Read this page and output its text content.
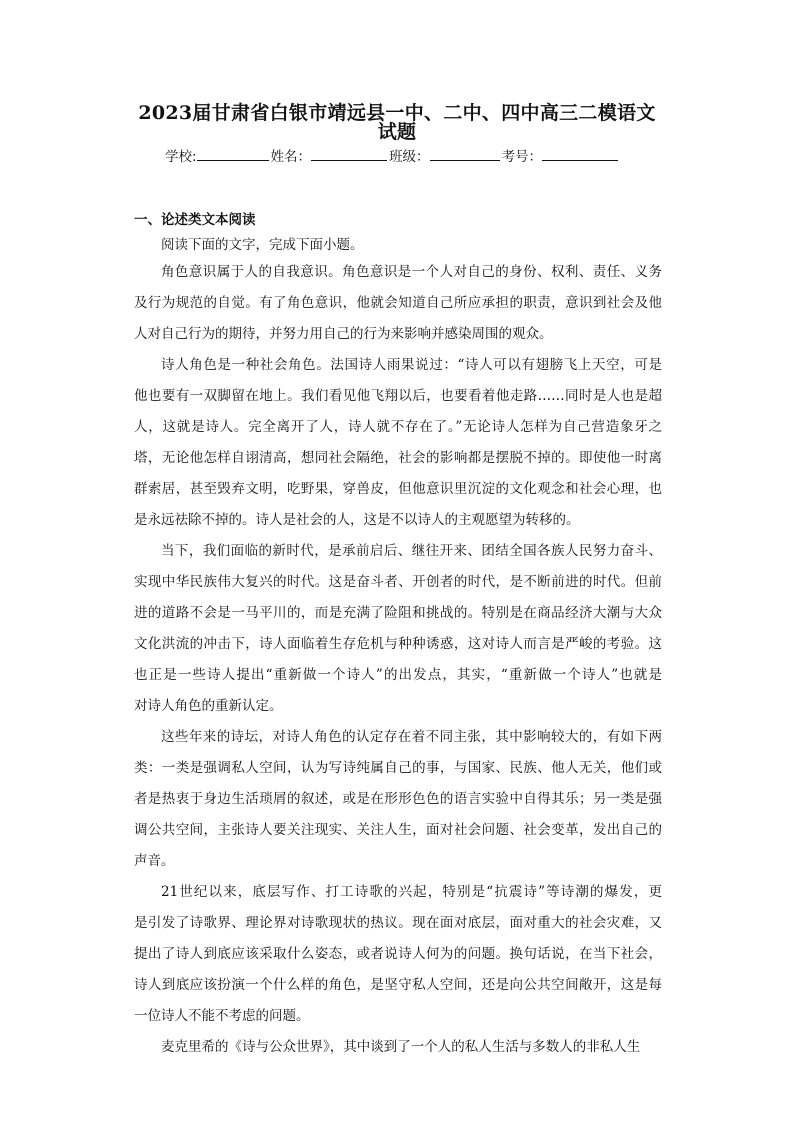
2023届甘肃省白银市靖远县一中、二中、四中高三二模语文
试题
学校:	姓名：	班级：	考号：
一、论述类文本阅读
阅读下面的文字，完成下面小题。
角色意识属于人的自我意识。角色意识是一个人对自己的身份、权利、责任、义务
及行为规范的自觉。有了角色意识，他就会知道自己所应承担的职责，意识到社会及他
人对自己行为的期待，并努力用自己的行为来影响并感染周围的观众。
诗人角色是一种社会角色。法国诗人雨果说过：“诗人可以有翅膀飞上天空，可是
他也要有一双脚留在地上。我们看见他飞翔以后，也要看着他走路……同时是人也是超
人，这就是诗人。完全离开了人，诗人就不存在了。”无论诗人怎样为自己营造象牙之
塔，无论他怎样自诩清高，想同社会隔绝，社会的影响都是摆脱不掉的。即使他一时离
群索居，甚至毁弃文明，吃野果，穿兽皮，但他意识里沉淀的文化观念和社会心理，也
是永远祛除不掉的。诗人是社会的人，这是不以诗人的主观愿望为转移的。
当下，我们面临的新时代，是承前启后、继往开来、团结全国各族人民努力奋斗、
实现中华民族伟大复兴的时代。这是奋斗者、开创者的时代，是不断前进的时代。但前
进的道路不会是一马平川的，而是充满了险阻和挑战的。特别是在商品经济大潮与大众
文化洪流的冲击下，诗人面临着生存危机与种种诱惑，这对诗人而言是严峻的考验。这
也正是一些诗人提出“重新做一个诗人”的出发点，其实，“重新做一个诗人”也就是
对诗人角色的重新认定。
这些年来的诗坛，对诗人角色的认定存在着不同主张，其中影响较大的，有如下两
类：一类是强调私人空间，认为写诗纯属自己的事，与国家、民族、他人无关，他们或
者是热衷于身边生活琐屑的叙述，或是在形形色色的语言实验中自得其乐；另一类是强
调公共空间，主张诗人要关注现实、关注人生，面对社会问题、社会变革，发出自己的
声音。
21世纪以来，底层写作、打工诗歌的兴起，特别是“抗震诗”等诗潮的爆发，更
是引发了诗歌界、理论界对诗歌现状的热议。现在面对底层，面对重大的社会灾难，又
提出了诗人到底应该采取什么姿态，或者说诗人何为的问题。换句话说，在当下社会，
诗人到底应该扮演一个什么样的角色，是坚守私人空间，还是向公共空间敞开，这是每
一位诗人不能不考虑的问题。
麦克里希的《诗与公众世界》，其中谈到了一个人的私人生活与多数人的非私人生
